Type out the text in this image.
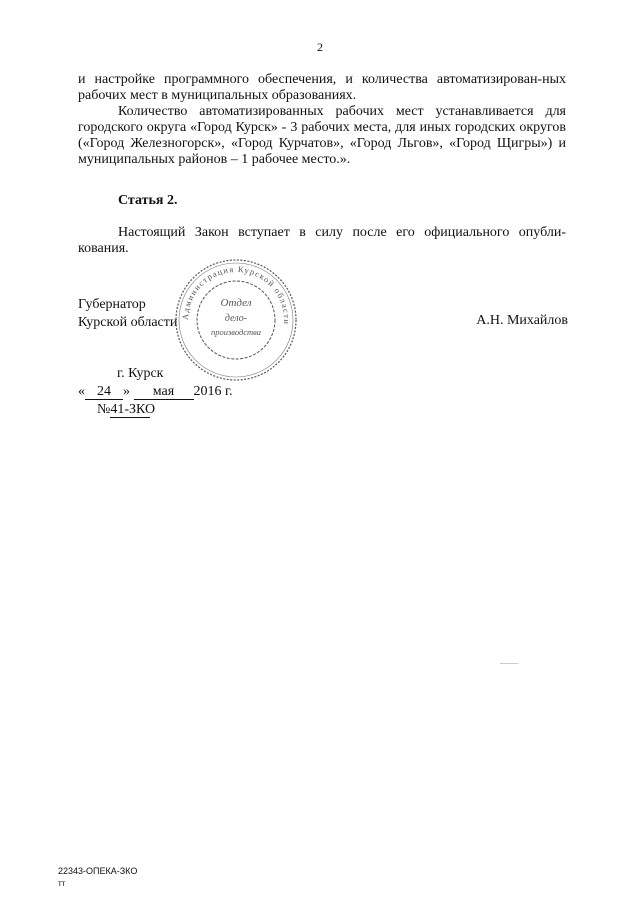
2

и настройке программного обеспечения, и количества автоматизирован-ных рабочих мест в муниципальных образованиях.

Количество автоматизированных рабочих мест устанавливается для городского округа «Город Курск» - 3 рабочих места, для иных городских округов («Город Железногорск», «Город Курчатов», «Город Льгов», «Город Щигры») и муниципальных районов – 1 рабочее место.».

Статья 2.

Настоящий Закон вступает в силу после его официального опубли-кования.

Губернатор
Курской области	А.Н. Михайлов
Администрация Курской области
Отдел
дело-
производства
г. Курск
« 24 » мая 2016 г.
№41-ЗКО
22343-ОПЕКА-ЗКО
тт
